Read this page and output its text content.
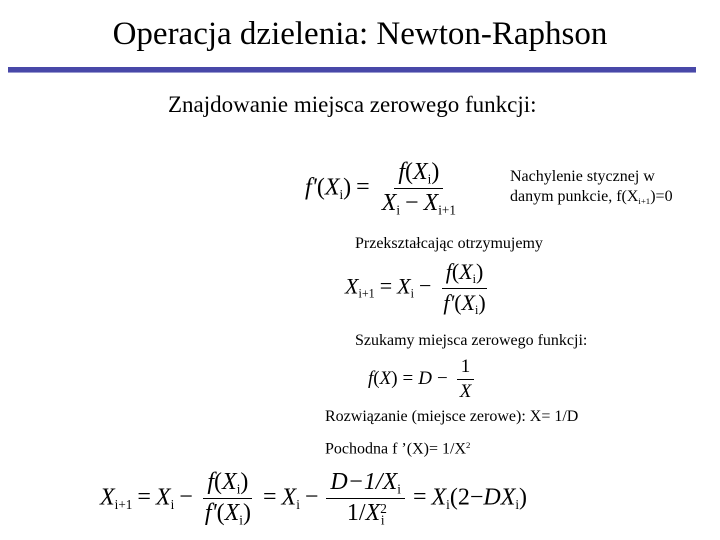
Operacja dzielenia: Newton-Raphson
Znajdowanie miejsca zerowego funkcji:
$f'(X_i) = \frac{f(X_i)}{X_i - X_{i+1}}$	Nachylenie stycznej w
danym punkcie, $f(X_{i+1})=0$
Przekształcając otrzymujemy
$X_{i+1} = X_i - \frac{f(X_i)}{f'(X_i)}$
Szukamy miejsca zerowego funkcji:
$f(X) = D - \frac{1}{X}$
Rozwiązanie (miejsce zerowe): X= 1/D
Pochodna f ’(X)= $1/X^2$
$X_{i+1} = X_i - \frac{f(X_i)}{f'(X_i)} = X_i - \frac{D-1/X_i}{1/X^2_i} = X_i(2-DX_i)$
